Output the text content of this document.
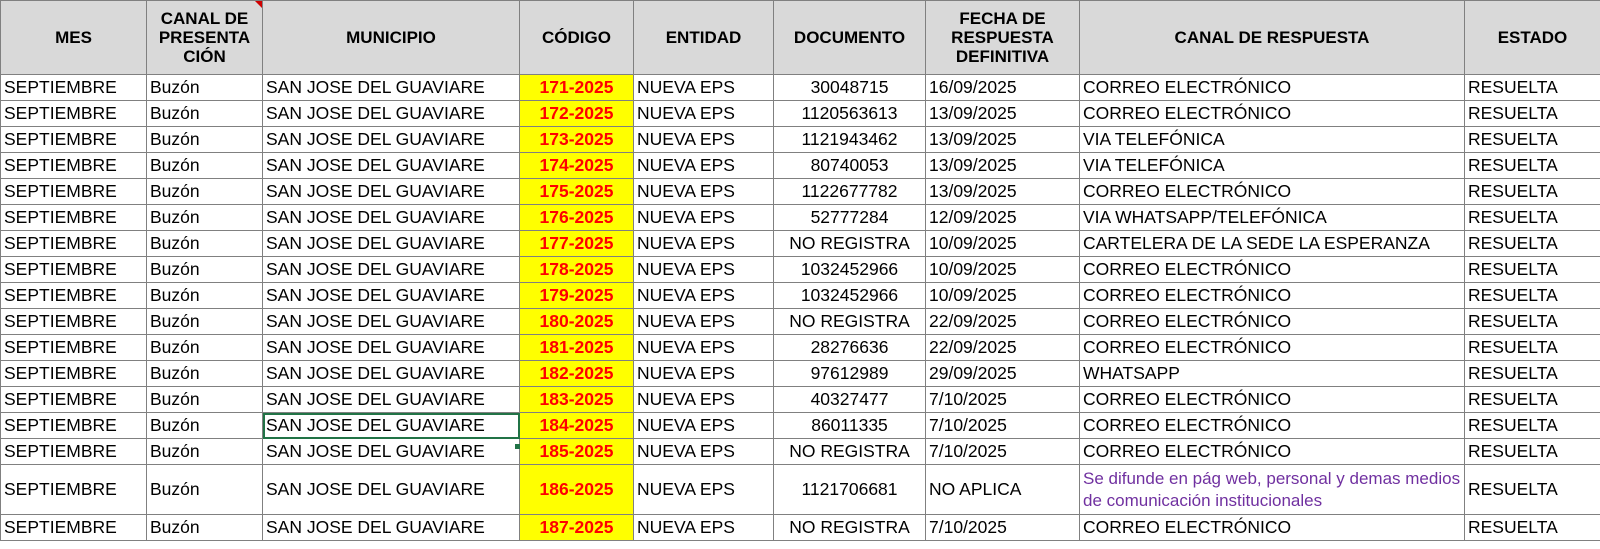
MES	CANAL DE PRESENTA CIÓN	MUNICIPIO	CÓDIGO	ENTIDAD	DOCUMENTO	FECHA DE RESPUESTA DEFINITIVA	CANAL DE RESPUESTA	ESTADO
SEPTIEMBRE	Buzón	SAN JOSE DEL GUAVIARE	171-2025	NUEVA EPS	30048715	16/09/2025	CORREO ELECTRÓNICO	RESUELTA
SEPTIEMBRE	Buzón	SAN JOSE DEL GUAVIARE	172-2025	NUEVA EPS	1120563613	13/09/2025	CORREO ELECTRÓNICO	RESUELTA
SEPTIEMBRE	Buzón	SAN JOSE DEL GUAVIARE	173-2025	NUEVA EPS	1121943462	13/09/2025	VIA TELEFÓNICA	RESUELTA
SEPTIEMBRE	Buzón	SAN JOSE DEL GUAVIARE	174-2025	NUEVA EPS	80740053	13/09/2025	VIA TELEFÓNICA	RESUELTA
SEPTIEMBRE	Buzón	SAN JOSE DEL GUAVIARE	175-2025	NUEVA EPS	1122677782	13/09/2025	CORREO ELECTRÓNICO	RESUELTA
SEPTIEMBRE	Buzón	SAN JOSE DEL GUAVIARE	176-2025	NUEVA EPS	52777284	12/09/2025	VIA WHATSAPP/TELEFÓNICA	RESUELTA
SEPTIEMBRE	Buzón	SAN JOSE DEL GUAVIARE	177-2025	NUEVA EPS	NO REGISTRA	10/09/2025	CARTELERA DE LA SEDE LA ESPERANZA	RESUELTA
SEPTIEMBRE	Buzón	SAN JOSE DEL GUAVIARE	178-2025	NUEVA EPS	1032452966	10/09/2025	CORREO ELECTRÓNICO	RESUELTA
SEPTIEMBRE	Buzón	SAN JOSE DEL GUAVIARE	179-2025	NUEVA EPS	1032452966	10/09/2025	CORREO ELECTRÓNICO	RESUELTA
SEPTIEMBRE	Buzón	SAN JOSE DEL GUAVIARE	180-2025	NUEVA EPS	NO REGISTRA	22/09/2025	CORREO ELECTRÓNICO	RESUELTA
SEPTIEMBRE	Buzón	SAN JOSE DEL GUAVIARE	181-2025	NUEVA EPS	28276636	22/09/2025	CORREO ELECTRÓNICO	RESUELTA
SEPTIEMBRE	Buzón	SAN JOSE DEL GUAVIARE	182-2025	NUEVA EPS	97612989	29/09/2025	WHATSAPP	RESUELTA
SEPTIEMBRE	Buzón	SAN JOSE DEL GUAVIARE	183-2025	NUEVA EPS	40327477	7/10/2025	CORREO ELECTRÓNICO	RESUELTA
SEPTIEMBRE	Buzón	SAN JOSE DEL GUAVIARE	184-2025	NUEVA EPS	86011335	7/10/2025	CORREO ELECTRÓNICO	RESUELTA
SEPTIEMBRE	Buzón	SAN JOSE DEL GUAVIARE	185-2025	NUEVA EPS	NO REGISTRA	7/10/2025	CORREO ELECTRÓNICO	RESUELTA
SEPTIEMBRE	Buzón	SAN JOSE DEL GUAVIARE	186-2025	NUEVA EPS	1121706681	NO APLICA	Se difunde en pág web, personal y demas medios de comunicación institucionales	RESUELTA
SEPTIEMBRE	Buzón	SAN JOSE DEL GUAVIARE	187-2025	NUEVA EPS	NO REGISTRA	7/10/2025	CORREO ELECTRÓNICO	RESUELTA
